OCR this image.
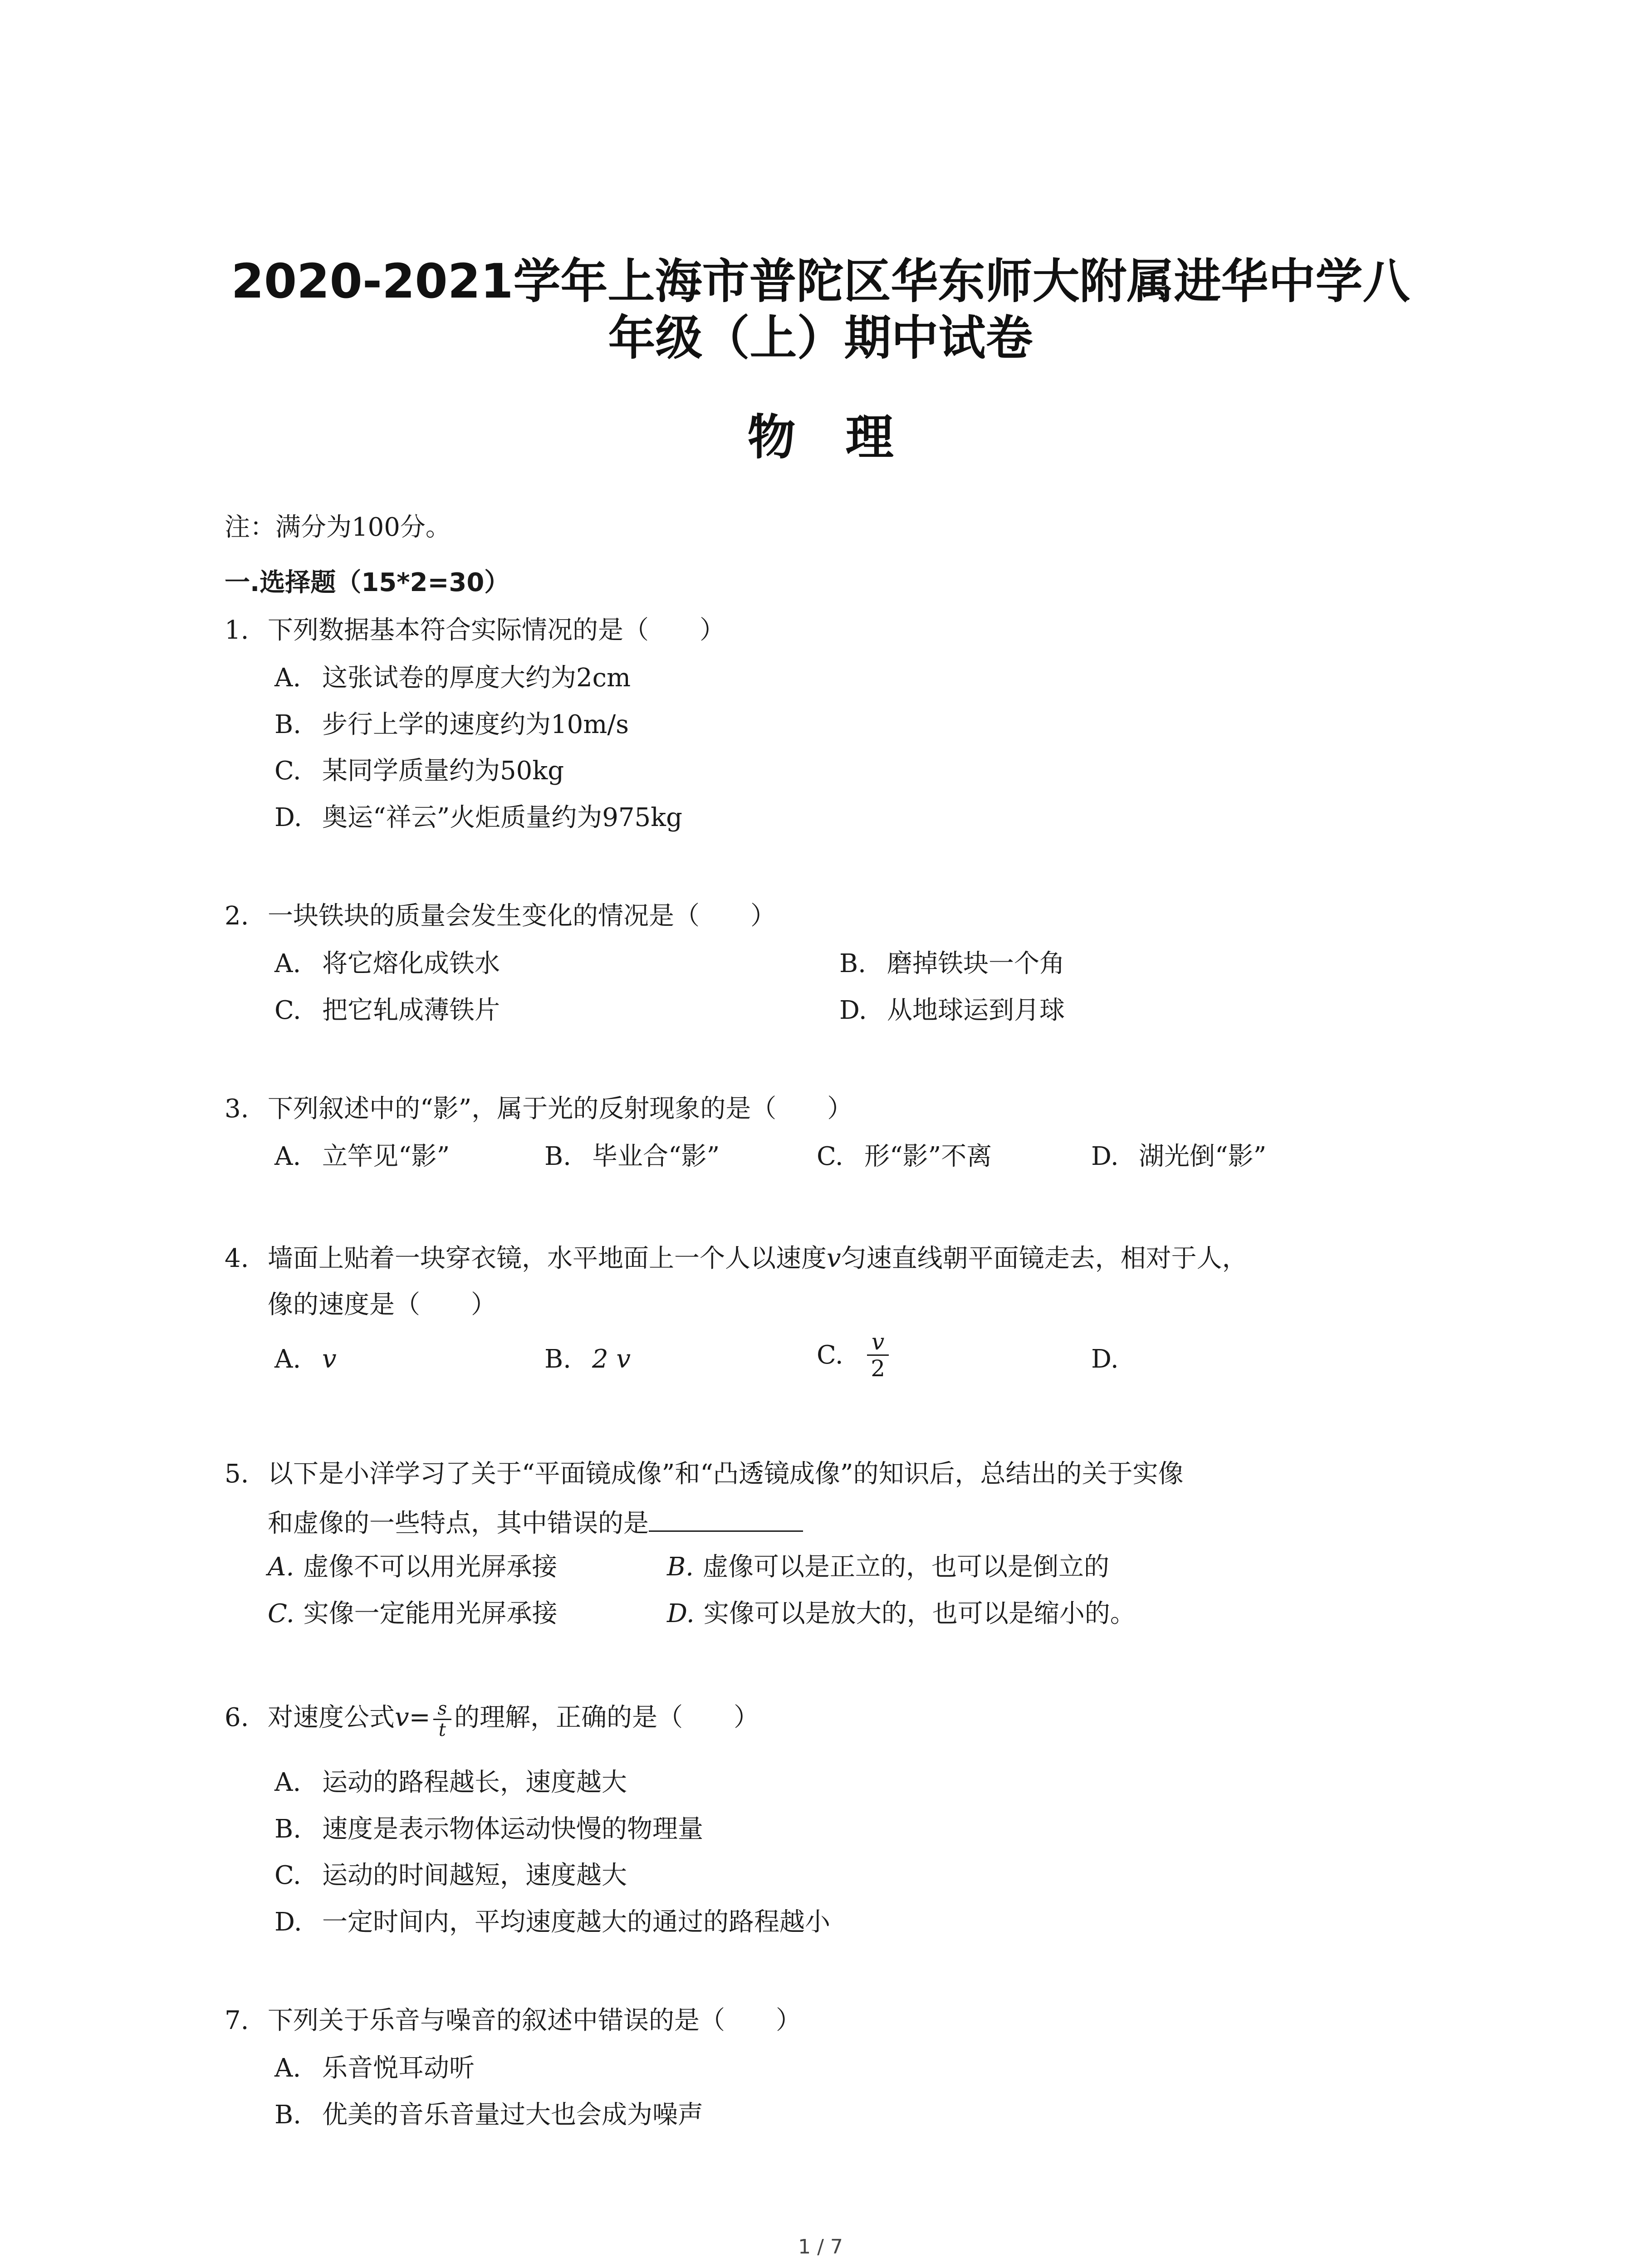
2020-2021学年上海市普陀区华东师大附属进华中学八
年级（上）期中试卷
物理
注：满分为100分。
一.选择题（15*2=30）
1. 下列数据基本符合实际情况的是（　　）
A. 这张试卷的厚度大约为2cm
B. 步行上学的速度约为10m/s
C. 某同学质量约为50kg
D. 奥运“祥云”火炬质量约为975kg
2. 一块铁块的质量会发生变化的情况是（　　）
A. 将它熔化成铁水	B. 磨掉铁块一个角
C. 把它轧成薄铁片	D. 从地球运到月球
3. 下列叙述中的“影”，属于光的反射现象的是（　　）
A. 立竿见“影”	B. 毕业合“影”	C. 形“影”不离	D. 湖光倒“影”
4. 墙面上贴着一块穿衣镜，水平地面上一个人以速度v匀速直线朝平面镜走去，相对于人，
像的速度是（　　）
A. v	B. 2 v	C. $\frac{v}{2}$	D.
5. 以下是小洋学习了关于“平面镜成像”和“凸透镜成像”的知识后，总结出的关于实像
和虚像的一些特点，其中错误的是
A. 虚像不可以用光屏承接	B. 虚像可以是正立的，也可以是倒立的
C. 实像一定能用光屏承接	D. 实像可以是放大的，也可以是缩小的。
6. 对速度公式$v= \frac{s}{t}$ 的理解，正确的是（　　）
A. 运动的路程越长，速度越大
B. 速度是表示物体运动快慢的物理量
C. 运动的时间越短，速度越大
D. 一定时间内，平均速度越大的通过的路程越小
7. 下列关于乐音与噪音的叙述中错误的是（　　）
A. 乐音悦耳动听
B. 优美的音乐音量过大也会成为噪声
1 / 7
